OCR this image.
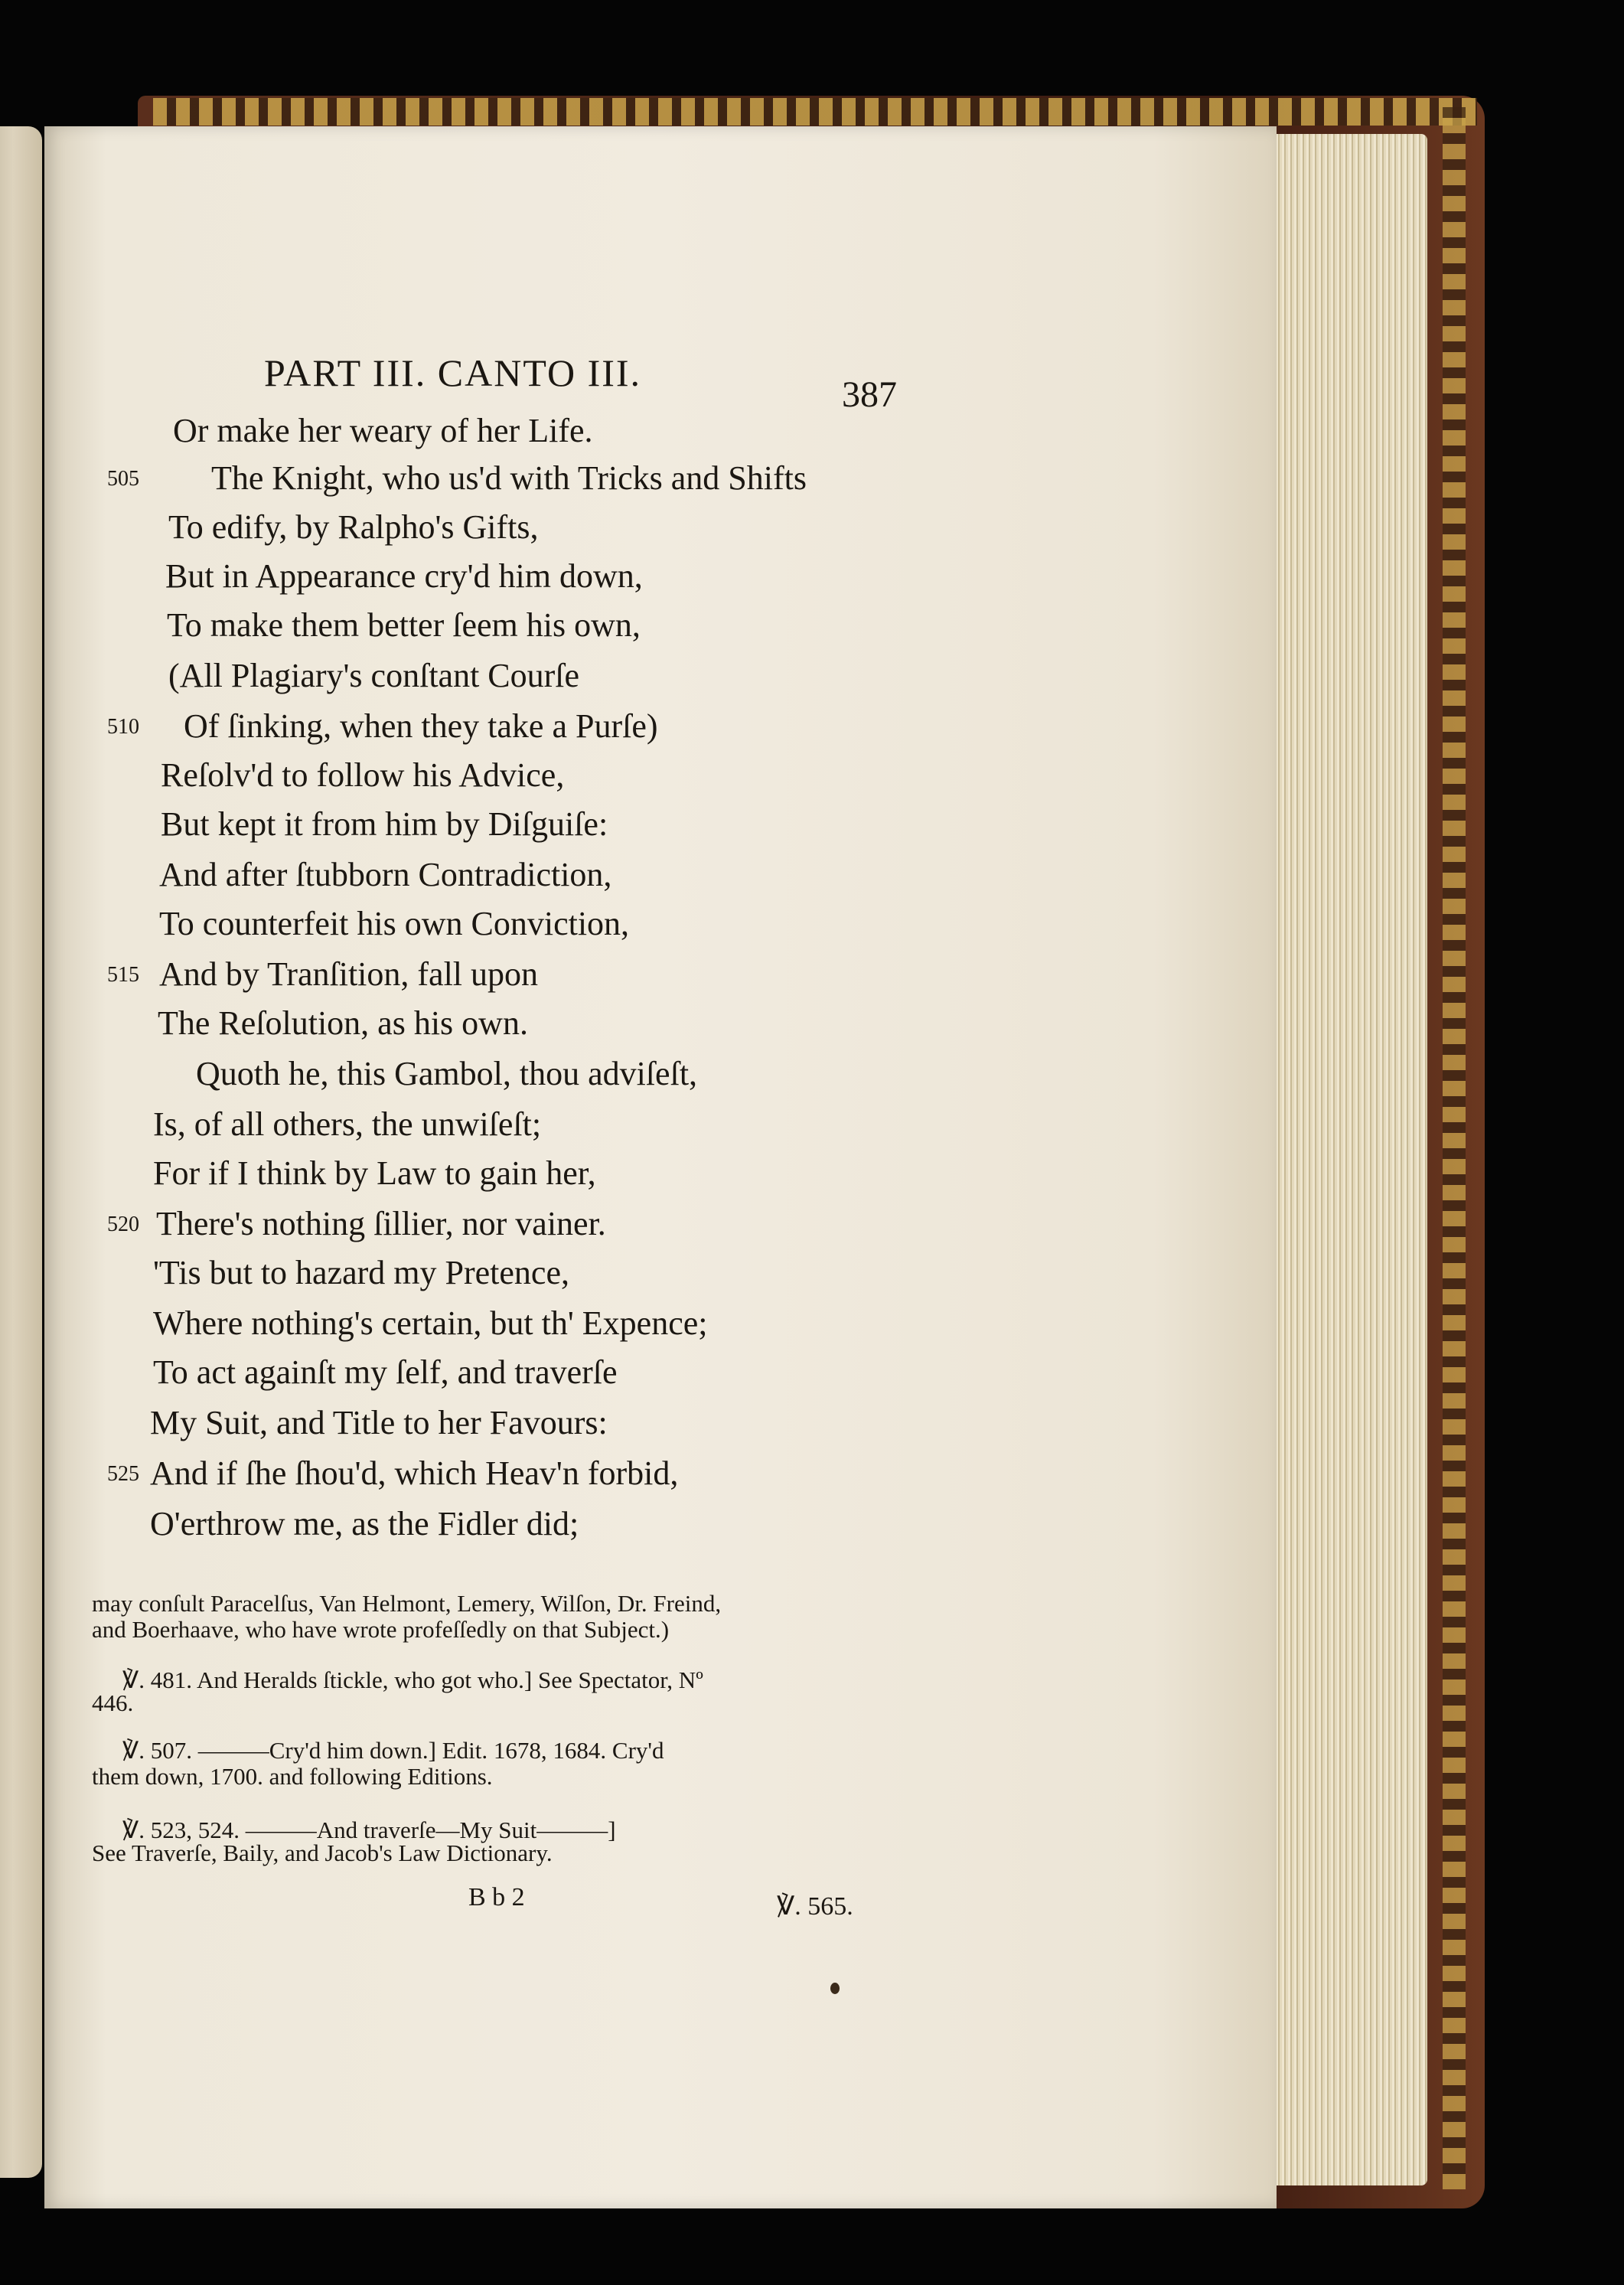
PART III. CANTO III.
387
Or make her weary of her Life.
The Knight, who us'd with Tricks and Shifts
505
To edify, by Ralpho's Gifts,
But in Appearance cry'd him down,
To make them better ſeem his own,
(All Plagiary's conſtant Courſe
Of ſinking, when they take a Purſe)
510
Reſolv'd to follow his Advice,
But kept it from him by Diſguiſe:
And after ſtubborn Contradiction,
To counterfeit his own Conviction,
And by Tranſition, fall upon
515
The Reſolution, as his own.
Quoth he, this Gambol, thou adviſeſt,
Is, of all others, the unwiſeſt;
For if I think by Law to gain her,
There's nothing ſillier, nor vainer.
520
'Tis but to hazard my Pretence,
Where nothing's certain, but th' Expence;
To act againſt my ſelf, and traverſe
My Suit, and Title to her Favours:
And if ſhe ſhou'd, which Heav'n forbid,
525
O'erthrow me, as the Fidler did;
may conſult Paracelſus, Van Helmont, Lemery, Wilſon, Dr. Freind,
and Boerhaave, who have wrote profeſſedly on that Subject.)
℣. 481. And Heralds ſtickle, who got who.] See Spectator, Nº
446.
℣. 507. ———Cry'd him down.] Edit. 1678, 1684. Cry'd
them down, 1700. and following Editions.
℣. 523, 524. ———And traverſe—My Suit———]
See Traverſe, Baily, and Jacob's Law Dictionary.
B b 2	℣. 565.
